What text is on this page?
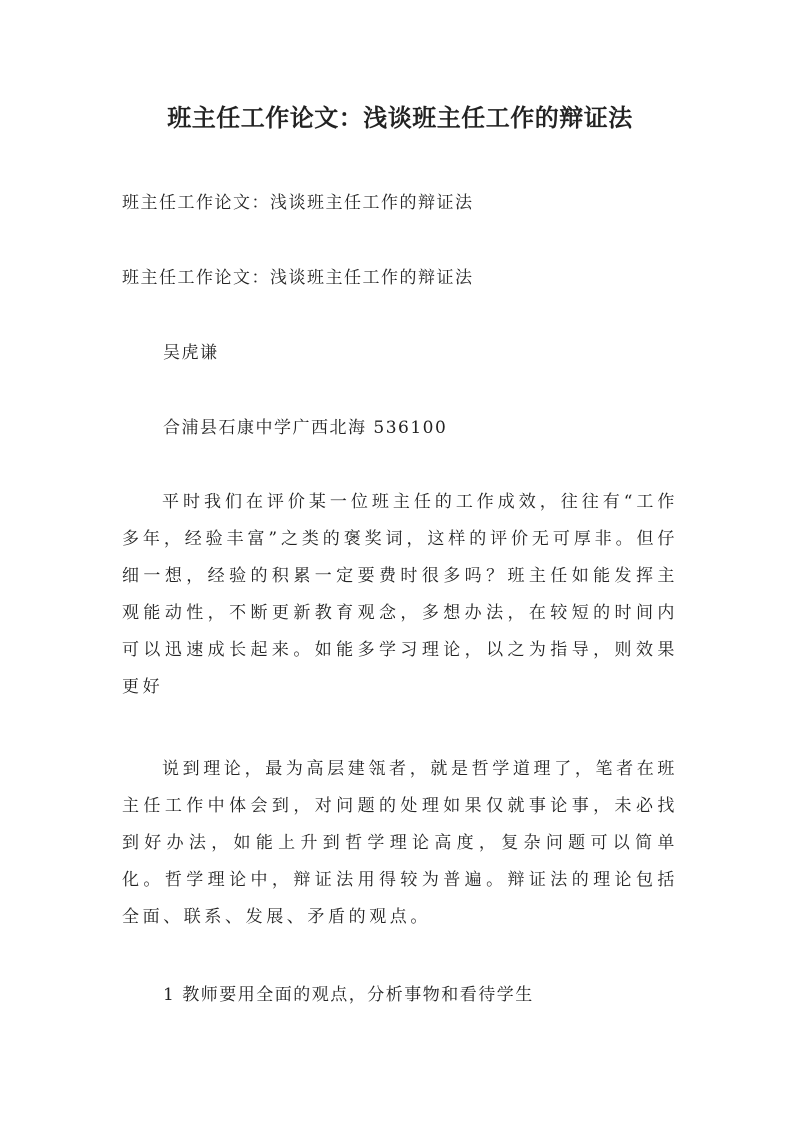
班主任工作论文：浅谈班主任工作的辩证法

班主任工作论文：浅谈班主任工作的辩证法

班主任工作论文：浅谈班主任工作的辩证法

吴虎谦

合浦县石康中学广西北海 536100

平时我们在评价某一位班主任的工作成效，往往有“工作多年，经验丰富”之类的褒奖词，这样的评价无可厚非。但仔细一想，经验的积累一定要费时很多吗？班主任如能发挥主观能动性，不断更新教育观念，多想办法，在较短的时间内可以迅速成长起来。如能多学习理论，以之为指导，则效果更好

说到理论，最为高层建瓴者，就是哲学道理了，笔者在班主任工作中体会到，对问题的处理如果仅就事论事，未必找到好办法，如能上升到哲学理论高度，复杂问题可以简单化。哲学理论中，辩证法用得较为普遍。辩证法的理论包括全面、联系、发展、矛盾的观点。

1 教师要用全面的观点，分析事物和看待学生
